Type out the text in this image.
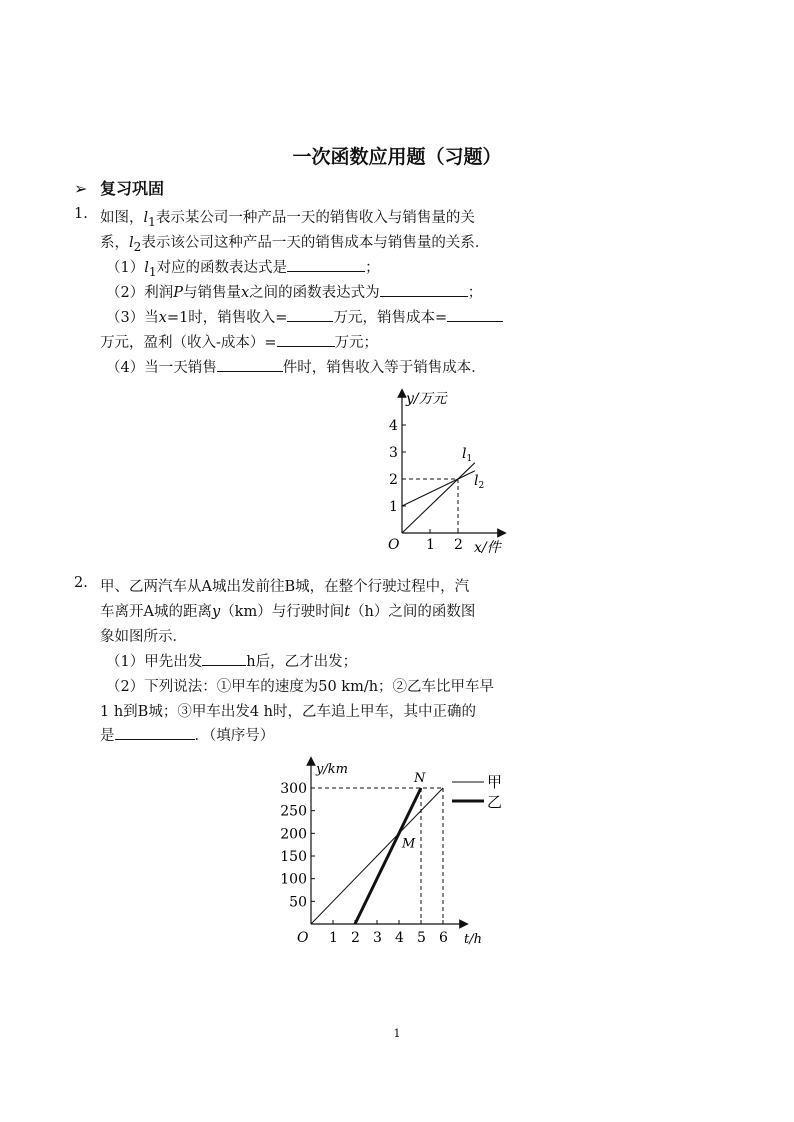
一次函数应用题（习题）
➢ 复习巩固
1. 如图，$l_1$表示某公司一种产品一天的销售收入与销售量的关
系，$l_2$表示该公司这种产品一天的销售成本与销售量的关系．
$(1)l_1$对应的函数表达式是	；
（2）利润P与销售量x之间的函数表达式为	；
（3）当x=1时，销售收入=	万元，销售成本=
万元，盈利（收入-成本）=	万元；
（4）当一天销售	件时，销售收入等于销售成本．
1 2
1
2
3
4
O
y/万元
x/件
$l_1$
$l_2$
2. 甲、乙两汽车从A城出发前往B城，在整个行驶过程中，汽
车离开A城的距离y（km）与行驶时间t（h）之间的函数图
象如图所示．
（1）甲先出发	h后，乙才出发；
（2）下列说法：①甲车的速度为50 km/h；②乙车比甲车早
1 h到B城；③甲车出发4 h时，乙车追上甲车，其中正确的
是	．（填序号）
1 2 3 4 5 6
50
100
150
200
250
300
O
y/km
t/h
N
M
甲
乙
1
